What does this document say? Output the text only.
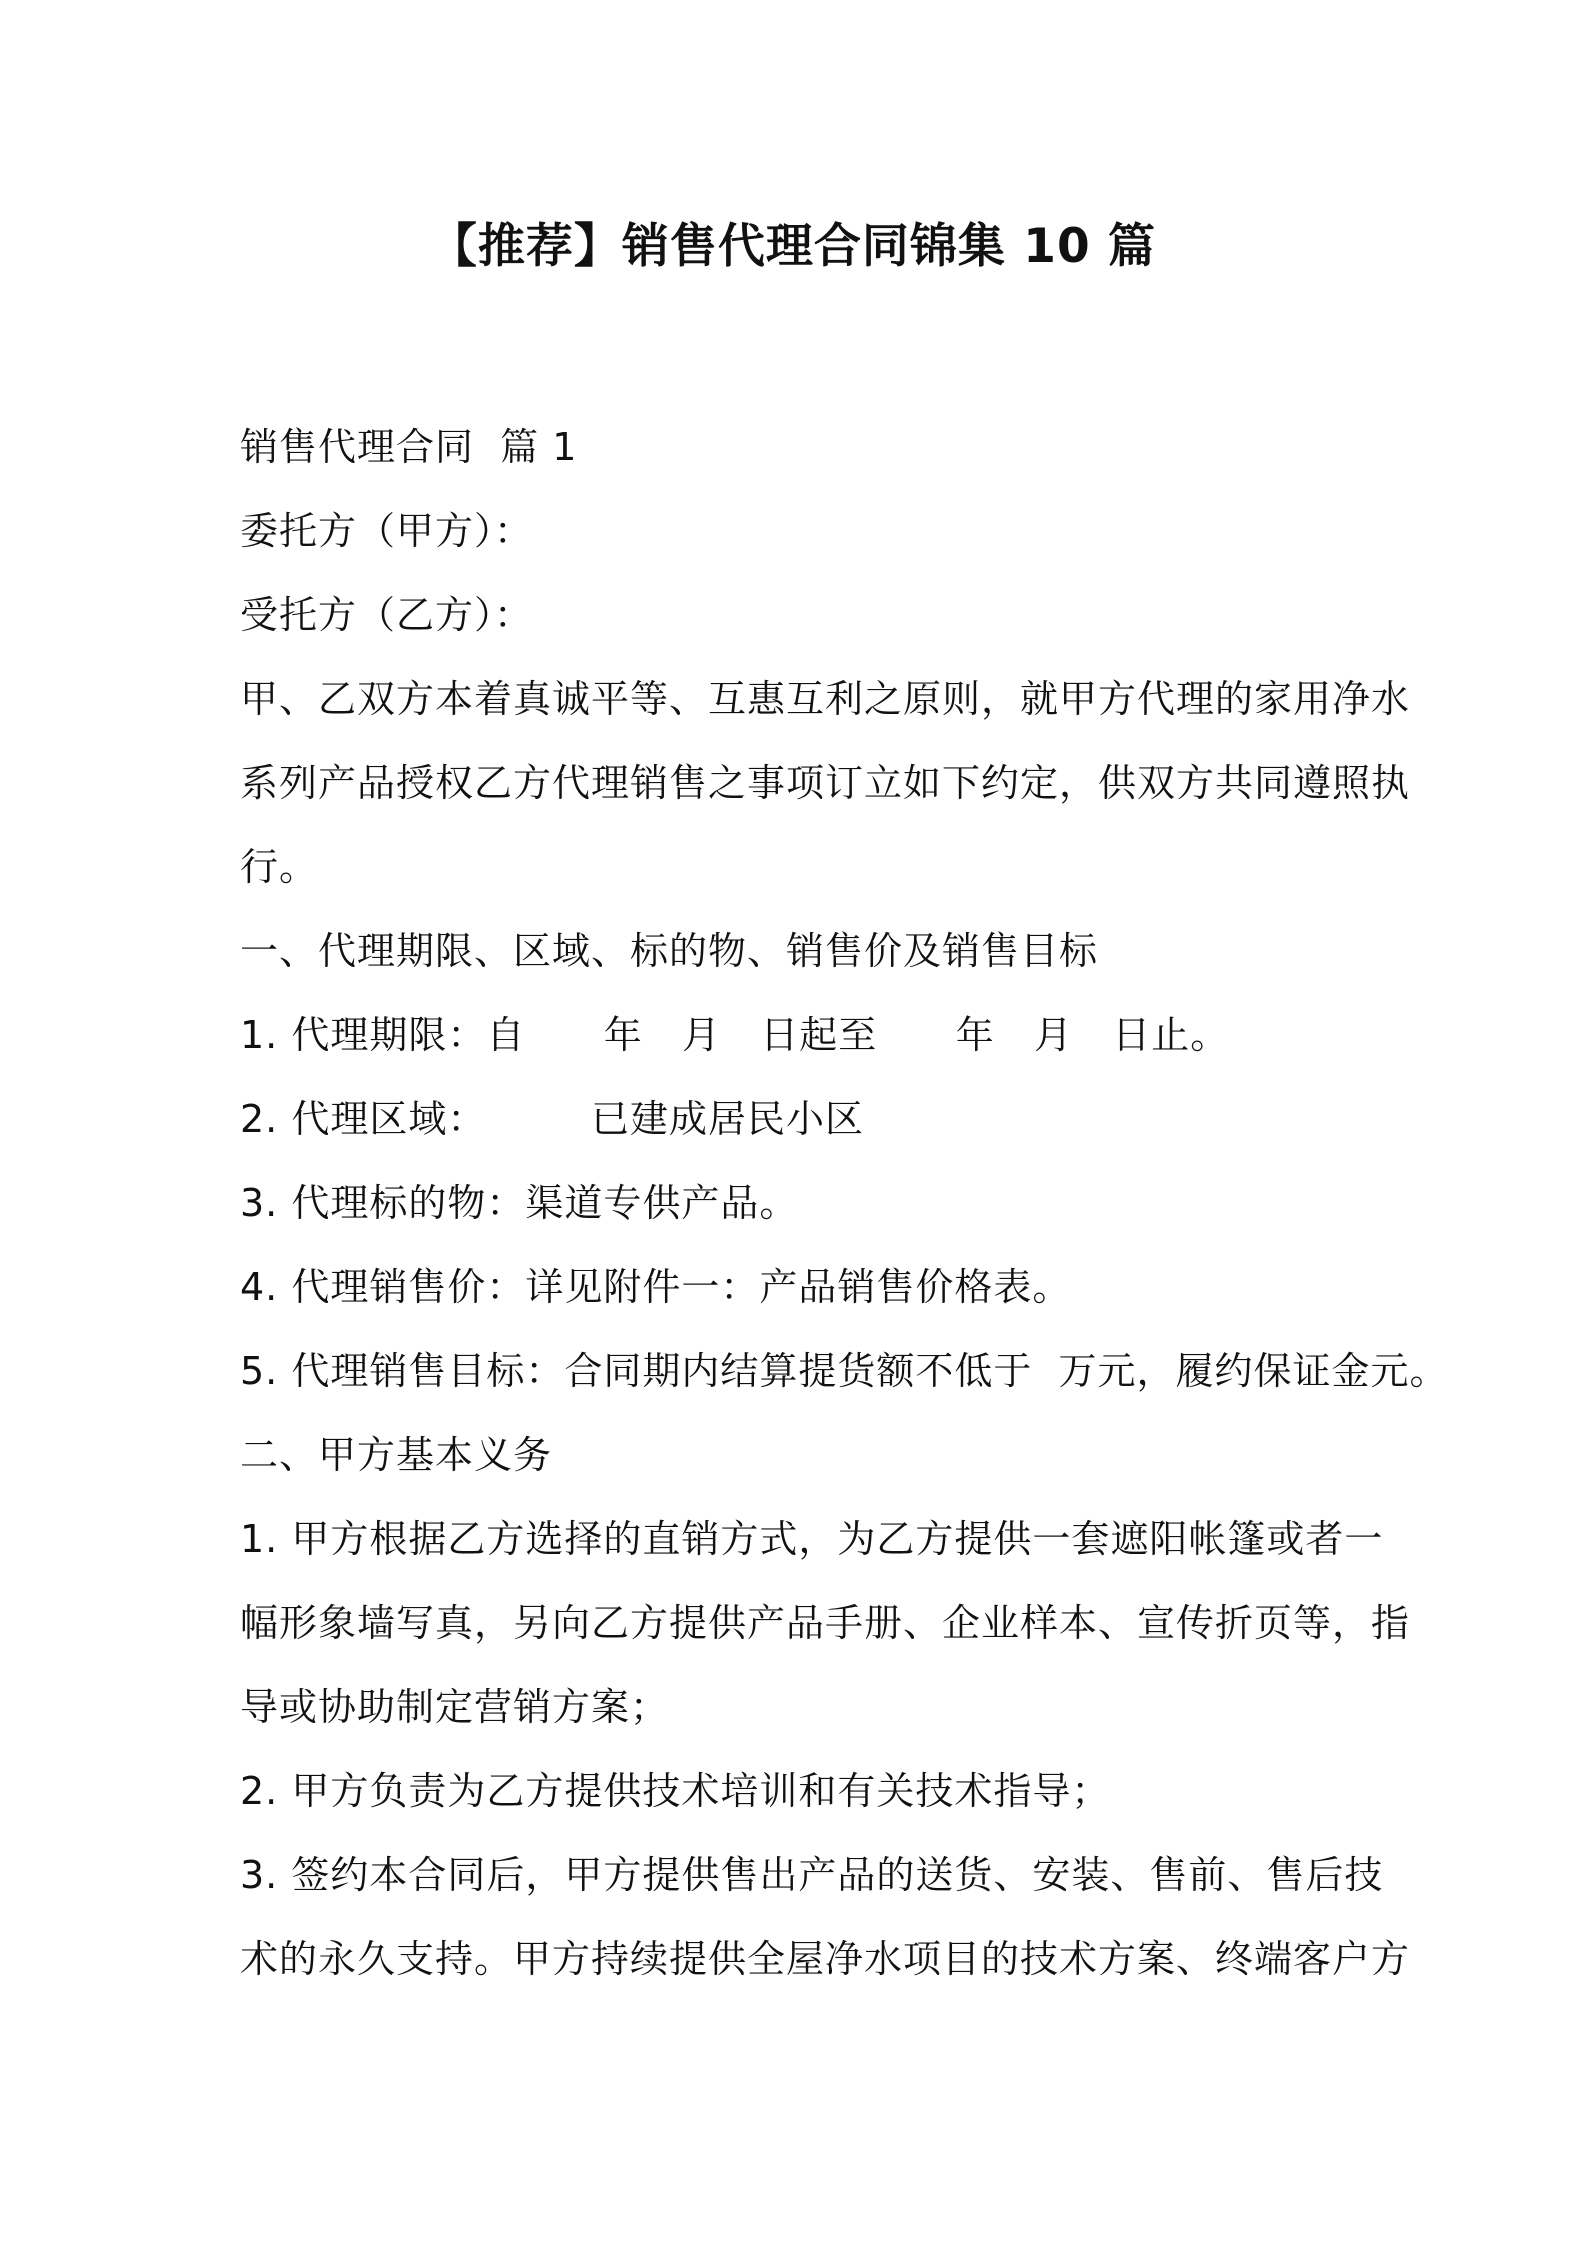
【推荐】销售代理合同锦集 10 篇
销售代理合同  篇 1
委托方（甲方）：
受托方（乙方）：
甲、乙双方本着真诚平等、互惠互利之原则，就甲方代理的家用净水
系列产品授权乙方代理销售之事项订立如下约定，供双方共同遵照执
行。
一、代理期限、区域、标的物、销售价及销售目标
1. 代理期限：自      年   月   日起至      年   月   日止。
2. 代理区域：        已建成居民小区
3. 代理标的物：渠道专供产品。
4. 代理销售价：详见附件一：产品销售价格表。
5. 代理销售目标：合同期内结算提货额不低于  万元，履约保证金元。
二、甲方基本义务
1. 甲方根据乙方选择的直销方式，为乙方提供一套遮阳帐篷或者一
幅形象墙写真，另向乙方提供产品手册、企业样本、宣传折页等，指
导或协助制定营销方案；
2. 甲方负责为乙方提供技术培训和有关技术指导；
3. 签约本合同后，甲方提供售出产品的送货、安装、售前、售后技
术的永久支持。甲方持续提供全屋净水项目的技术方案、终端客户方
